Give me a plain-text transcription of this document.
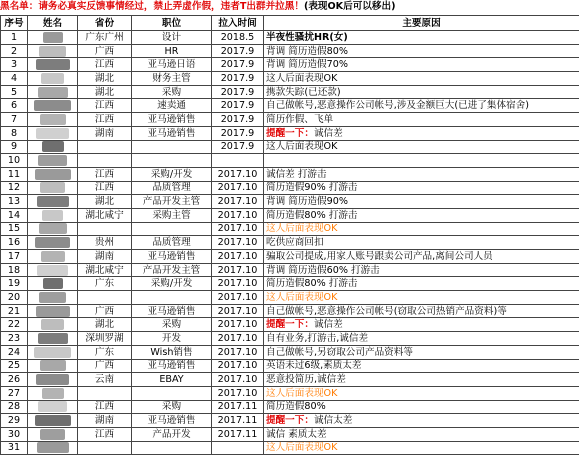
黑名单：请务必真实反馈事情经过，禁止弄虚作假，违者T出群并拉黑！(表现OK后可以移出)
序号	姓名	省份	职位	拉入时间	主要原因
1		广东广州	设计	2018.5	半夜性骚扰HR(女)
2		广西	HR	2017.9	背调 简历造假80%
3		江西	亚马逊日语	2017.9	背调 简历造假70%
4		湖北	财务主管	2017.9	这人后面表现OK
5		湖北	采购	2017.9	携款失踪(已还款)
6		江西	速卖通	2017.9	自己做帐号,恶意操作公司帐号,涉及金额巨大(已进了集体宿舍)
7		江西	亚马逊销售	2017.9	简历作假、飞单
8		湖南	亚马逊销售	2017.9	提醒一下：诚信差
9				2017.9	这人后面表现OK
10	

11		江西	采购/开发	2017.10	诚信差 打游击
12		江西	品质管理	2017.10	简历造假90% 打游击
13		湖北	产品开发主管	2017.10	背调 简历造假90%
14		湖北咸宁	采购主管	2017.10	简历造假80% 打游击
15				2017.10	这人后面表现OK
16		贵州	品质管理	2017.10	吃供应商回扣
17		湖南	亚马逊销售	2017.10	骗取公司提成,用家人账号跟卖公司产品,离间公司人员
18		湖北咸宁	产品开发主管	2017.10	背调 简历造假60% 打游击
19		广东	采购/开发	2017.10	简历造假80% 打游击
20				2017.10	这人后面表现OK
21		广西	亚马逊销售	2017.10	自己做帐号,恶意操作公司帐号(窃取公司热销产品资料)等
22		湖北	采购	2017.10	提醒一下：诚信差
23		深圳罗湖	开发	2017.10	自有业务,打游击,诚信差
24		广东	Wish销售	2017.10	自己做帐号,另窃取公司产品资料等
25		广西	亚马逊销售	2017.10	英语未过6级,素质太差
26		云南	EBAY	2017.10	恶意投简历,诚信差
27				2017.10	这人后面表现OK
28		江西	采购	2017.11	简历造假80%
29		湖南	亚马逊销售	2017.11	提醒一下：诚信太差
30		江西	产品开发	2017.11	诚信 素质太差
31					这人后面表现OK
